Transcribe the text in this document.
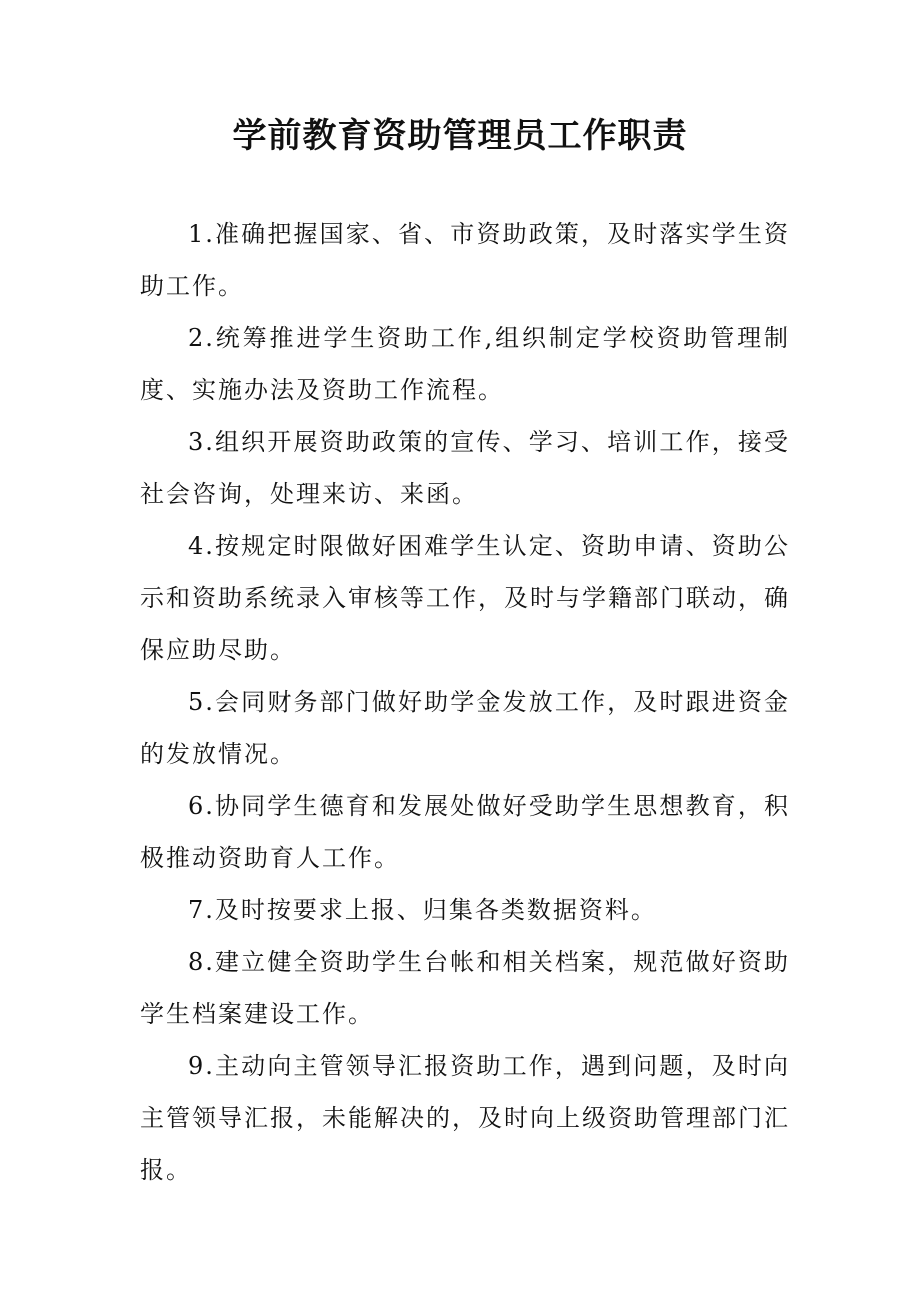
学前教育资助管理员工作职责

1.准确把握国家、省、市资助政策，及时落实学生资助工作。

2.统筹推进学生资助工作,组织制定学校资助管理制度、实施办法及资助工作流程。

3.组织开展资助政策的宣传、学习、培训工作，接受社会咨询，处理来访、来函。

4.按规定时限做好困难学生认定、资助申请、资助公示和资助系统录入审核等工作，及时与学籍部门联动，确保应助尽助。

5.会同财务部门做好助学金发放工作，及时跟进资金的发放情况。

6.协同学生德育和发展处做好受助学生思想教育，积极推动资助育人工作。

7.及时按要求上报、归集各类数据资料。

8.建立健全资助学生台帐和相关档案，规范做好资助学生档案建设工作。

9.主动向主管领导汇报资助工作，遇到问题，及时向主管领导汇报，未能解决的，及时向上级资助管理部门汇报。
